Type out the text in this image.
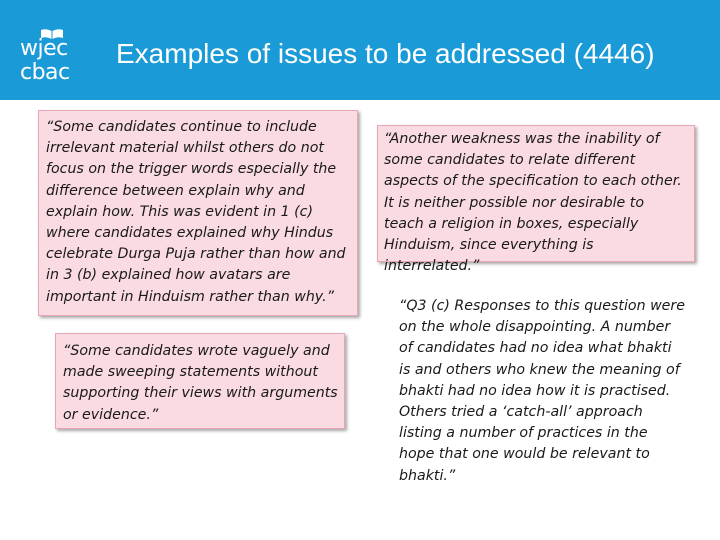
wjec
cbac
Examples of issues to be addressed (4446)
“Some candidates continue to include irrelevant material whilst others do not focus on the trigger words especially the difference between explain why and explain how. This was evident in 1 (c) where candidates explained why Hindus celebrate Durga Puja rather than how and in 3 (b) explained how avatars are important in Hinduism rather than why.”
“Some candidates wrote vaguely and made sweeping statements without supporting their views with arguments or evidence.”
“Another weakness was the inability of some candidates to relate different aspects of the specification to each other. It is neither possible nor desirable to teach a religion in boxes, especially Hinduism, since everything is interrelated.”
“Q3 (c) Responses to this question were on the whole disappointing. A number of candidates had no idea what bhakti is and others who knew the meaning of bhakti had no idea how it is practised. Others tried a ‘catch-all’ approach listing a number of practices in the hope that one would be relevant to bhakti.”
